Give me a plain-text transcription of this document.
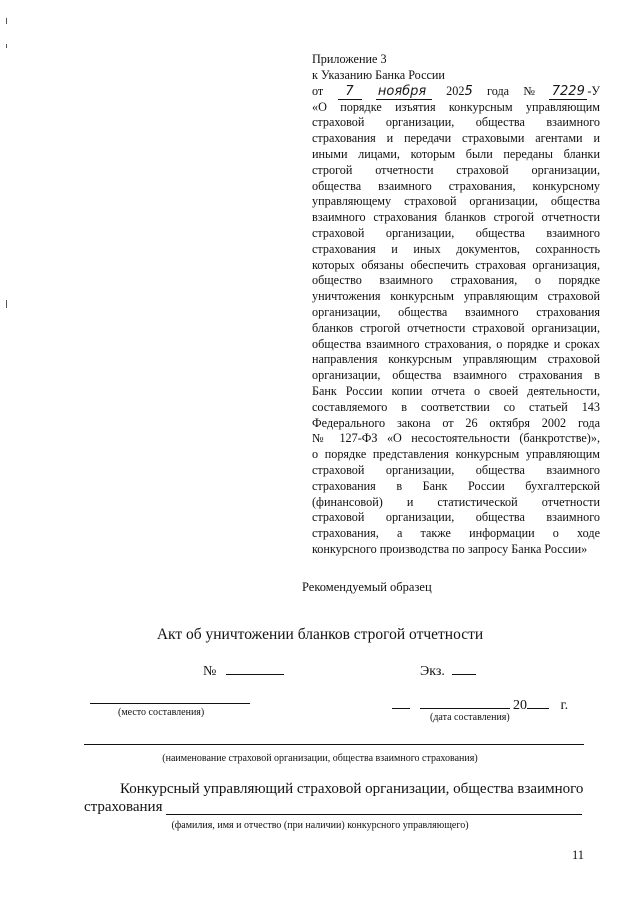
Приложение 3
к Указанию Банка России
от	7	ноября	2025 года № 7229 -У

«О порядке изъятия конкурсным управляющим

страховой организации, общества взаимного

страхования и передачи страховыми агентами и

иными лицами, которым были переданы бланки

строгой отчетности страховой организации,

общества взаимного страхования, конкурсному

управляющему страховой организации, общества

взаимного страхования бланков строгой отчетности

страховой организации, общества взаимного

страхования и иных документов, сохранность

которых обязаны обеспечить страховая организация,

общество взаимного страхования, о порядке

уничтожения конкурсным управляющим страховой

организации, общества взаимного страхования

бланков строгой отчетности страховой организации,

общества взаимного страхования, о порядке и сроках

направления конкурсным управляющим страховой

организации, общества взаимного страхования в

Банк России копии отчета о своей деятельности,

составляемого в соответствии со статьей 143

Федерального закона от 26 октября 2002 года

№ 127-ФЗ «О несостоятельности (банкротстве)»,

о порядке представления конкурсным управляющим

страховой организации, общества взаимного

страхования в Банк России бухгалтерской

(финансовой) и статистической отчетности

страховой организации, общества взаимного

страхования, а также информации о ходе

конкурсного производства по запросу Банка России»

Рекомендуемый образец
Акт об уничтожении бланков строгой отчетности
№	Экз.
(место составления)	20 г.
(дата составления)
(наименование страховой организации, общества взаимного страхования)
Конкурсный управляющий страховой организации, общества взаимного
страхования
(фамилия, имя и отчество (при наличии) конкурсного управляющего)
11
